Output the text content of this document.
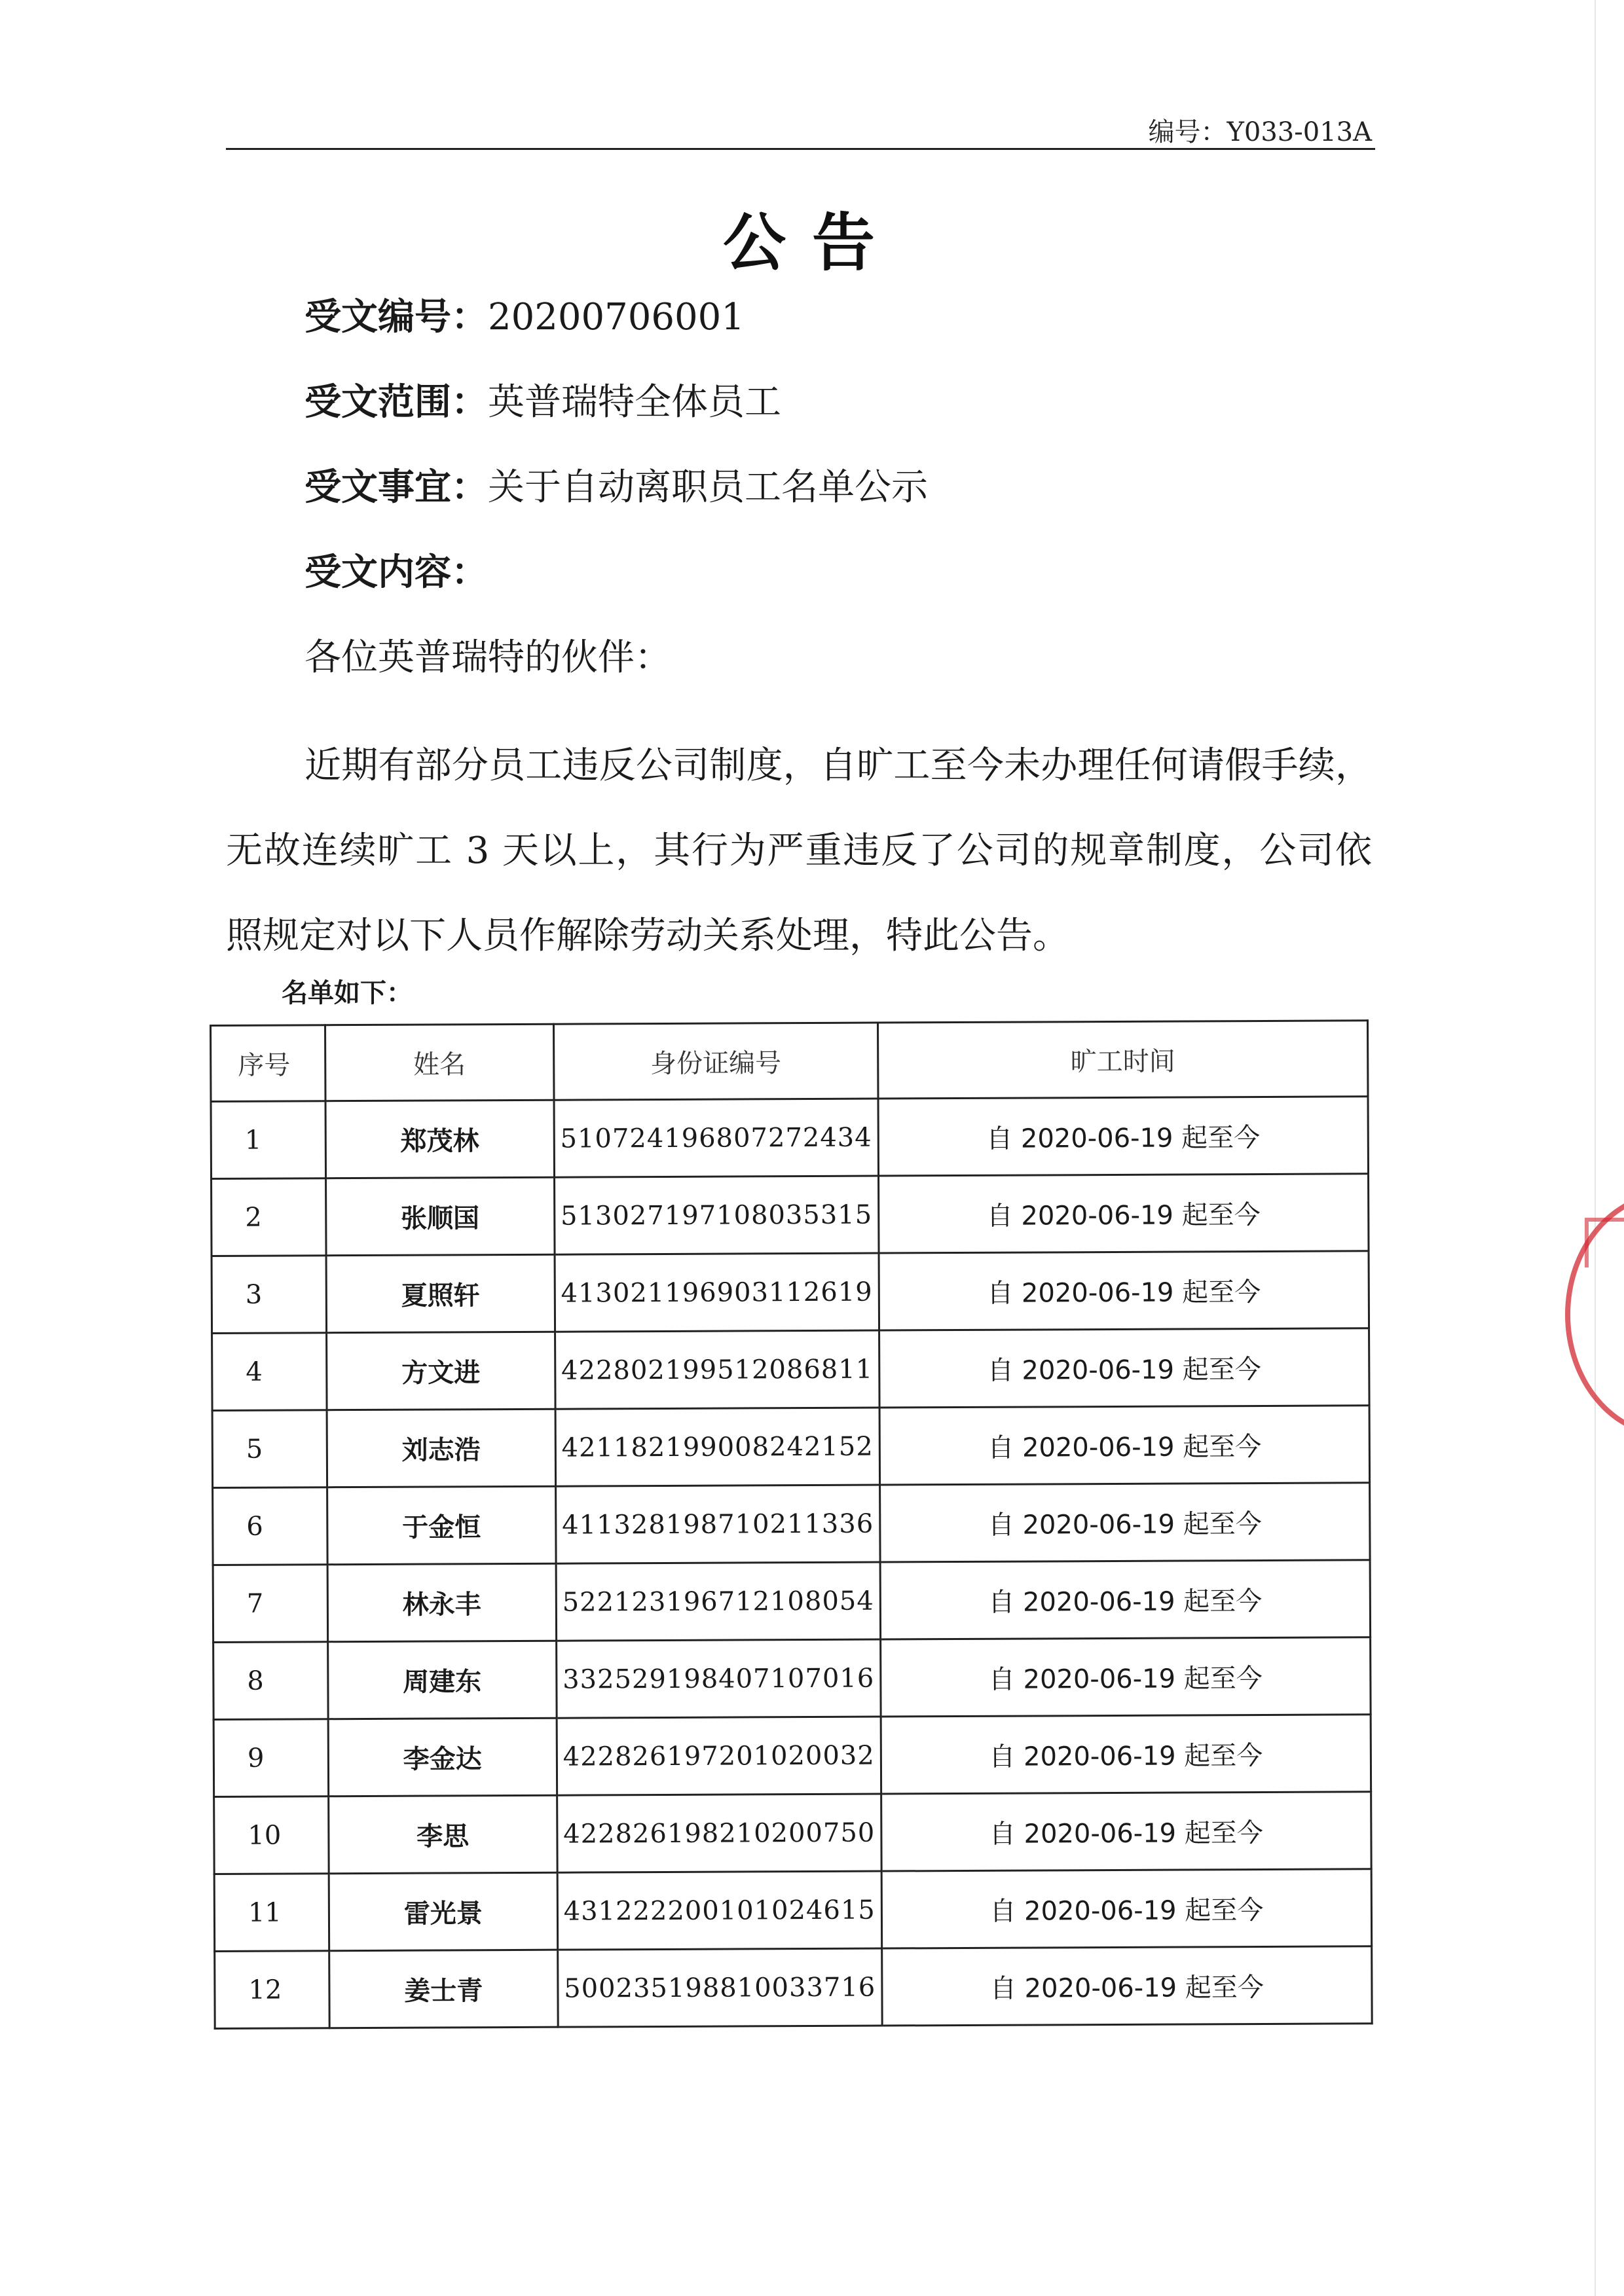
编号：Y033-013A
公告
受文编号：20200706001
受文范围：英普瑞特全体员工
受文事宜：关于自动离职员工名单公示
受文内容：
各位英普瑞特的伙伴：
近期有部分员工违反公司制度，自旷工至今未办理任何请假手续，无故连续旷工 3 天以上，其行为严重违反了公司的规章制度，公司依照规定对以下人员作解除劳动关系处理，特此公告。
名单如下：
序号	姓名	身份证编号	旷工时间
1	郑茂林	510724196807272434	自 2020-06-19 起至今
2	张顺国	513027197108035315	自 2020-06-19 起至今
3	夏照轩	413021196903112619	自 2020-06-19 起至今
4	方文进	422802199512086811	自 2020-06-19 起至今
5	刘志浩	421182199008242152	自 2020-06-19 起至今
6	于金恒	411328198710211336	自 2020-06-19 起至今
7	林永丰	522123196712108054	自 2020-06-19 起至今
8	周建东	332529198407107016	自 2020-06-19 起至今
9	李金达	422826197201020032	自 2020-06-19 起至今
10	李思	422826198210200750	自 2020-06-19 起至今
11	雷光景	431222200101024615	自 2020-06-19 起至今
12	姜士青	500235198810033716	自 2020-06-19 起至今
